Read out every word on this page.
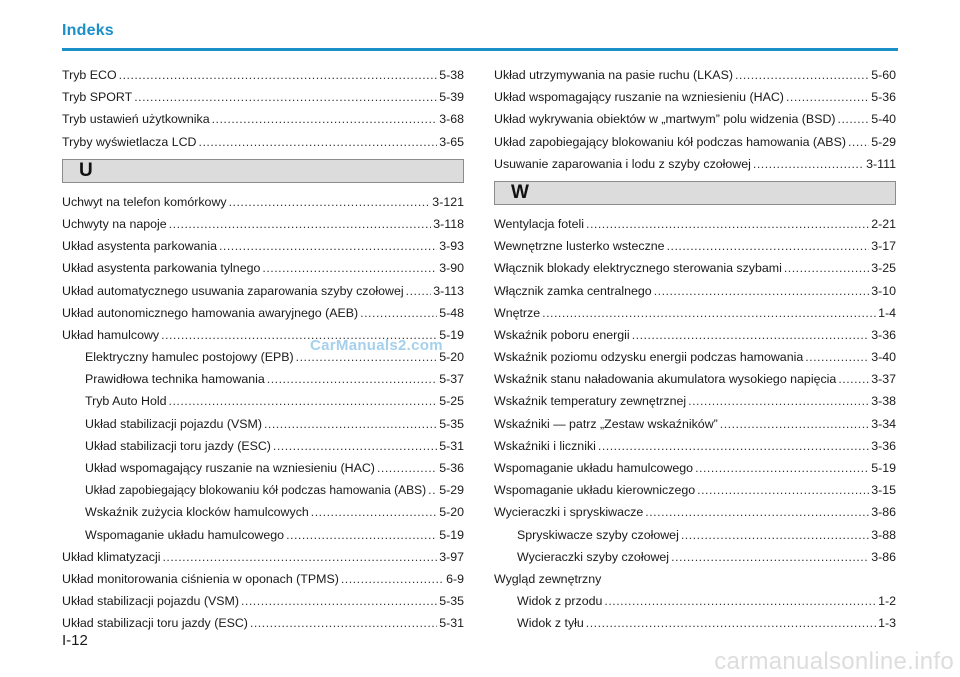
Indeks
Tryb ECO .....	5-38
Tryb SPORT .....	5-39
Tryb ustawień użytkownika .....	3-68
Tryby wyświetlacza LCD .....	3-65
U
Uchwyt na telefon komórkowy .....	3-121
Uchwyty na napoje .....	3-118
Układ asystenta parkowania .....	3-93
Układ asystenta parkowania tylnego .....	3-90
Układ automatycznego usuwania zaparowania szyby czołowej ..... 3-113
Układ autonomicznego hamowania awaryjnego (AEB) .....	5-48
Układ hamulcowy .....	5-19
Elektryczny hamulec postojowy (EPB) .....	5-20
Prawidłowa technika hamowania .....	5-37
Tryb Auto Hold .....	5-25
Układ stabilizacji pojazdu (VSM) .....	5-35
Układ stabilizacji toru jazdy (ESC) .....	5-31
Układ wspomagający ruszanie na wzniesieniu (HAC) .....	5-36
Układ zapobiegający blokowaniu kół podczas hamowania (ABS) ..... 5-29
Wskaźnik zużycia klocków hamulcowych .....	5-20
Wspomaganie układu hamulcowego .....	5-19
Układ klimatyzacji .....	3-97
Układ monitorowania ciśnienia w oponach (TPMS) .....	6-9
Układ stabilizacji pojazdu (VSM) .....	5-35
Układ stabilizacji toru jazdy (ESC) .....	5-31
Układ utrzymywania na pasie ruchu (LKAS) .....	5-60
Układ wspomagający ruszanie na wzniesieniu (HAC) .....	5-36
Układ wykrywania obiektów w „martwym” polu widzenia (BSD) .....	5-40
Układ zapobiegający blokowaniu kół podczas hamowania (ABS) ..... 5-29
Usuwanie zaparowania i lodu z szyby czołowej .....	3-111
W
Wentylacja foteli .....	2-21
Wewnętrzne lusterko wsteczne .....	3-17
Włącznik blokady elektrycznego sterowania szybami .....	3-25
Włącznik zamka centralnego .....	3-10
Wnętrze .....	1-4
Wskaźnik poboru energii .....	3-36
Wskaźnik poziomu odzysku energii podczas hamowania .....	3-40
Wskaźnik stanu naładowania akumulatora wysokiego napięcia .....	3-37
Wskaźnik temperatury zewnętrznej .....	3-38
Wskaźniki — patrz „Zestaw wskaźników” .....	3-34
Wskaźniki i liczniki .....	3-36
Wspomaganie układu hamulcowego .....	5-19
Wspomaganie układu kierowniczego .....	3-15
Wycieraczki i spryskiwacze .....	3-86
Spryskiwacze szyby czołowej .....	3-88
Wycieraczki szyby czołowej .....	3-86
Wygląd zewnętrzny
Widok z przodu .....	1-2
Widok z tyłu .....	1-3
CarManuals2.com
I-12
carmanualsonline.info
